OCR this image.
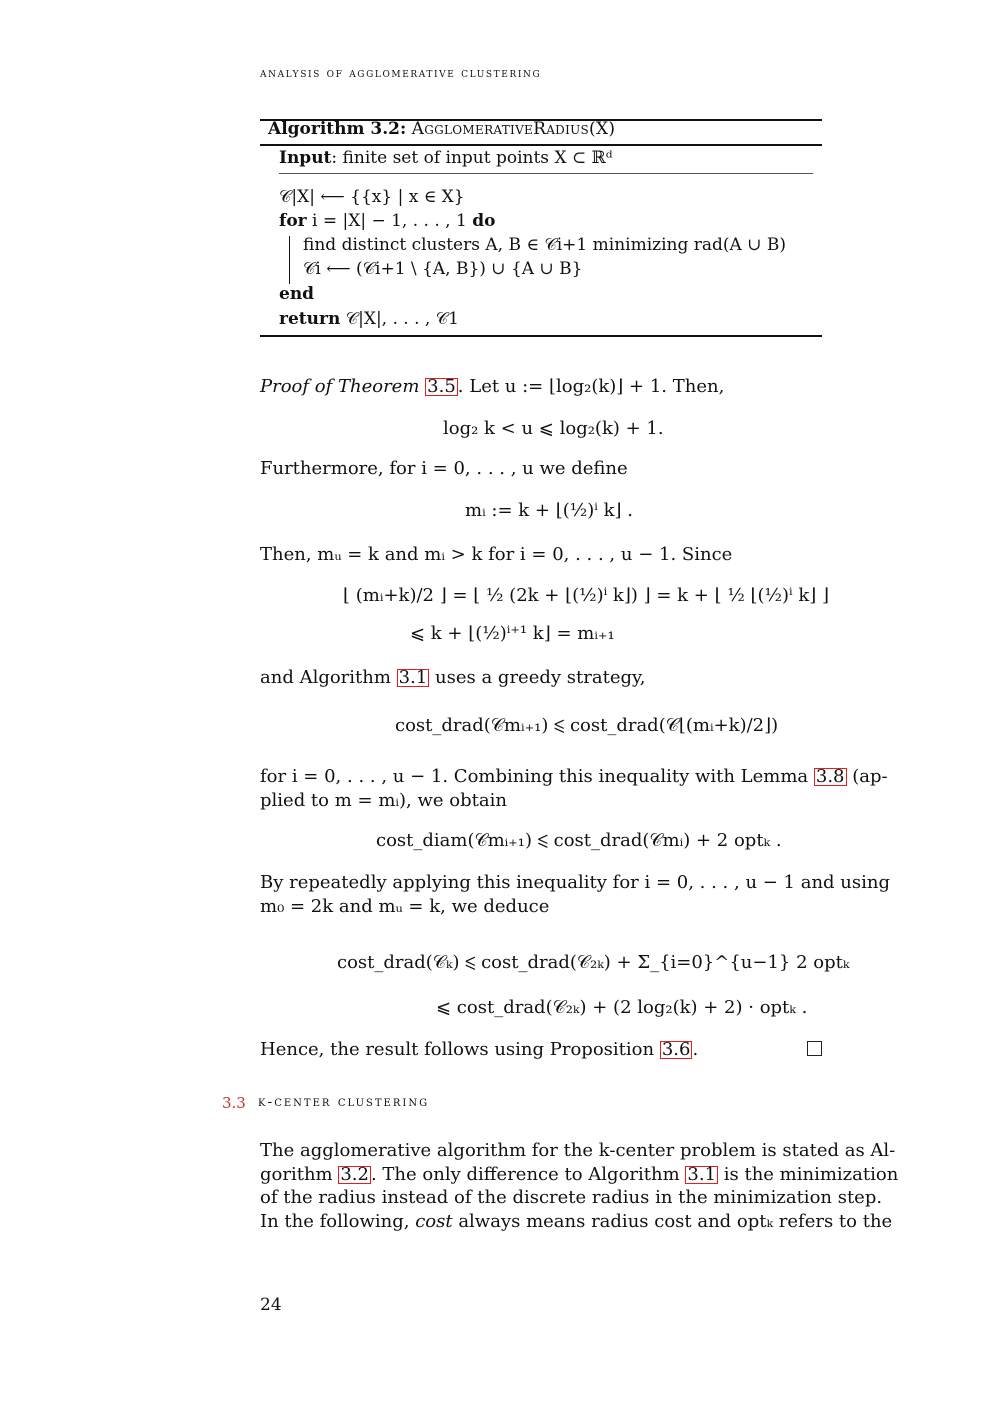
analysis of agglomerative clustering
Algorithm 3.2: AgglomerativeRadius(X)
Input: finite set of input points X ⊂ ℝᵈ
𝒞|X| ⟵ {{x} | x ∈ X}
for i = |X| − 1, . . . , 1 do
find distinct clusters A, B ∈ 𝒞i+1 minimizing rad(A ∪ B)
𝒞i ⟵ (𝒞i+1 \ {A, B}) ∪ {A ∪ B}
end
return 𝒞|X|, . . . , 𝒞1
Proof of Theorem 3.5 . Let u := ⌊log₂(k)⌋ + 1. Then,
log₂ k < u ⩽ log₂(k) + 1.
Furthermore, for i = 0, . . . , u we define
mᵢ := k + ⌊(½)ⁱ k⌋ .
Then, mᵤ = k and mᵢ > k for i = 0, . . . , u − 1. Since
⌊ (mᵢ+k)/2 ⌋ = ⌊ ½ (2k + ⌊(½)ⁱ k⌋) ⌋ = k + ⌊ ½ ⌊(½)ⁱ k⌋ ⌋
⩽ k + ⌊(½)ⁱ⁺¹ k⌋ = mᵢ₊₁
and Algorithm 3.1 uses a greedy strategy,
cost_drad(𝒞mᵢ₊₁) ⩽ cost_drad(𝒞⌊(mᵢ+k)/2⌋)
for i = 0, . . . , u − 1. Combining this inequality with Lemma 3.8 (ap-
plied to m = mᵢ), we obtain
cost_diam(𝒞mᵢ₊₁) ⩽ cost_drad(𝒞mᵢ) + 2 optₖ .
By repeatedly applying this inequality for i = 0, . . . , u − 1 and using
m₀ = 2k and mᵤ = k, we deduce
cost_drad(𝒞ₖ) ⩽ cost_drad(𝒞₂ₖ) + Σ_{i=0}^{u−1} 2 optₖ
⩽ cost_drad(𝒞₂ₖ) + (2 log₂(k) + 2) · optₖ .
Hence, the result follows using Proposition 3.6 .
3.3 k-center clustering
The agglomerative algorithm for the k-center problem is stated as Al-
gorithm 3.2 . The only difference to Algorithm 3.1 is the minimization
of the radius instead of the discrete radius in the minimization step.
In the following, cost always means radius cost and optₖ refers to the
24
